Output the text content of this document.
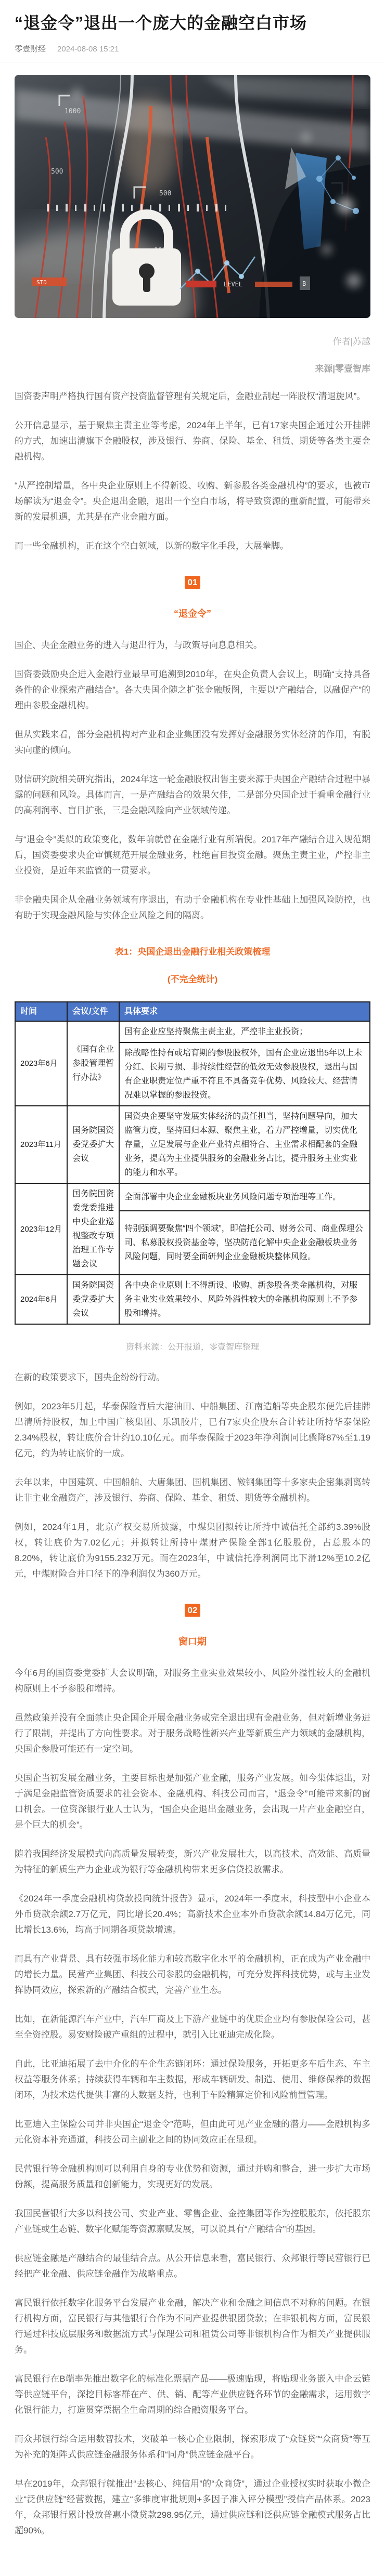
“退金令”退出一个庞大的金融空白市场
零壹财经 2024-08-08 15:21
1000
500
500
STD	LEVEL	B
作者|苏越
来源|零壹智库

国资委声明严格执行国有资产投资监督管理有关规定后，金融业刮起一阵股权“清退旋风”。

公开信息显示，基于聚焦主责主业等考虑，2024年上半年，已有17家央国企通过公开挂牌的方式，加速出清旗下金融股权，涉及银行、券商、保险、基金、租赁、期货等各类主要金融机构。

“从严控制增量，各中央企业原则上不得新设、收购、新参股各类金融机构”的要求，也被市场解读为“退金令”。央企退出金融，退出一个空白市场，将导致资源的重新配置，可能带来新的发展机遇，尤其是在产业金融方面。

而一些金融机构，正在这个空白领域，以新的数字化手段，大展拳脚。

01
“退金令”

国企、央企金融业务的进入与退出行为，与政策导向息息相关。

国资委鼓励央企进入金融行业最早可追溯到2010年，在央企负责人会议上，明确“支持具备条件的企业探索产融结合”。各大央国企随之扩张金融版图，主要以“产融结合，以融促产”的理由参股金融机构。

但从实践来看，部分金融机构对产业和企业集团没有发挥好金融服务实体经济的作用，有脱实向虚的倾向。

财信研究院相关研究指出，2024年这一轮金融股权出售主要来源于央国企产融结合过程中暴露的问题和风险。具体而言，一是产融结合的效果欠佳，二是部分央国企过于看重金融行业的高利润率、盲目扩张，三是金融风险向产业领域传递。

与“退金令”类似的政策变化，数年前就曾在金融行业有所端倪。2017年产融结合进入规范期后，国资委要求央企审慎规范开展金融业务，杜绝盲目投资金融。聚焦主责主业，严控非主业投资，是近年来监管的一贯要求。

非金融央国企从金融业务领域有序退出，有助于金融机构在专业性基础上加强风险防控，也有助于实现金融风险与实体企业风险之间的隔离。

表1：央国企退出金融行业相关政策梳理
(不完全统计)
时间	会议/文件	具体要求
2023年6月	《国有企业参股管理暂行办法》	国有企业应坚持聚焦主责主业，严控非主业投资；
		除战略性持有或培育期的参股股权外，国有企业应退出5年以上未分红、长期亏损、非持续性经营的低效无效参股股权，退出与国有企业职责定位严重不符且不具备竞争优势、风险较大、经营情况难以掌握的参股投资。
2023年11月	国务院国资委党委扩大会议	国资央企要坚守发展实体经济的责任担当，坚持问题导向，加大监管力度，坚持回归本源、聚焦主业，着力严控增量，切实优化存量，立足发展与企业产业特点相符合、主业需求相配套的金融业务，提高为主业提供服务的金融业务占比，提升服务主业实业的能力和水平。
2023年12月	国务院国资委党委推进中央企业巡视整改专项治理工作专题会议	全面部署中央企业金融板块业务风险问题专项治理等工作。
		特别强调要聚焦“四个领域”，即信托公司、财务公司、商业保理公司、私募股权投资基金等，坚决防范化解中央企业金融板块业务风险问题，同时要全面研判企业金融板块整体风险。
2024年6月	国务院国资委党委扩大会议	各中央企业原则上不得新设、收购、新参股各类金融机构，对服务主业实业效果较小、风险外溢性较大的金融机构原则上不予参股和增持。
资料来源：公开报道，零壹智库整理

在新的政策要求下，国央企纷纷行动。

例如，2023年5月起，华泰保险背后大港油田、中船集团、江南造船等央企股东便先后挂牌出清所持股权，加上中国广核集团、乐凯胶片，已有7家央企股东合计转让所持华泰保险2.34%股权，转让底价合计约10.10亿元。而华泰保险于2023年净利润同比骤降87%至1.19亿元，约为转让底价的一成。

去年以来，中国建筑、中国船舶、大唐集团、国机集团、鞍钢集团等十多家央企密集剥离转让非主业金融资产，涉及银行、券商、保险、基金、租赁、期货等金融机构。

例如，2024年1月，北京产权交易所披露，中煤集团拟转让所持中诚信托全部约3.39%股权，转让底价为7.02亿元；并拟转让所持中煤财产保险全部1亿股股份，占总股本的8.20%，转让底价为9155.232万元。而在2023年，中诚信托净利润同比下滑12%至10.2亿元，中煤财险合并口径下的净利润仅为360万元。

02
窗口期

今年6月的国资委党委扩大会议明确，对服务主业实业效果较小、风险外溢性较大的金融机构原则上不予参股和增持。

虽然政策并没有全面禁止央企国企开展金融业务或完全退出现有金融业务，但对新增业务进行了限制，并提出了方向性要求。对于服务战略性新兴产业等新质生产力领域的金融机构，央国企参股可能还有一定空间。

央国企当初发展金融业务，主要目标也是加强产业金融，服务产业发展。如今集体退出，对于满足金融监管资质要求的社会资本、金融机构、科技公司而言，“退金令”可能带来新的窗口机会。一位资深银行业人士认为，“国企央企退出金融业务，会出现一片产业金融空白，是个巨大的机会”。

随着我国经济发展模式向高质量发展转变，新兴产业发展壮大，以高技术、高效能、高质量为特征的新质生产力企业或为银行等金融机构带来更多信贷投放需求。

《2024年一季度金融机构贷款投向统计报告》显示，2024年一季度末，科技型中小企业本外币贷款余额2.7万亿元，同比增长20.4%；高新技术企业本外币贷款余额14.84万亿元，同比增长13.6%，均高于同期各项贷款增速。

而具有产业背景、具有较强市场化能力和较高数字化水平的金融机构，正在成为产业金融中的增长力量。民营产业集团、科技公司参股的金融机构，可充分发挥科技优势，或与主业发挥协同效应，探索新的产融结合模式，完善产业生态。

比如，在新能源汽车产业中，汽车厂商及上下游产业链中的优质企业均有参股保险公司，甚至全资控股。易安财险破产重组的过程中，就引入比亚迪完成化险。

自此，比亚迪拓展了去中介化的车企生态链闭环：通过保险服务，开拓更多车后生态、车主权益等服务体系；持续获得车辆和车主数据，形成车辆研发、制造、使用、维修保养的数据闭环，为技术迭代提供丰富的大数据支持，也利于车险精算定价和风险前置管理。

比亚迪入主保险公司并非央国企“退金令”范畴，但由此可见产业金融的潜力——金融机构多元化资本补充通道，科技公司主副业之间的协同效应正在显现。

民营银行等金融机构则可以利用自身的专业优势和资源，通过并购和整合，进一步扩大市场份额，提高服务质量和创新能力，实现更好的发展。

我国民营银行大多以科技公司、实业产业、零售企业、金控集团等作为控股股东，依托股东产业链或生态链、数字化赋能等资源禀赋发展，可以说具有“产融结合”的基因。

供应链金融是产融结合的最佳结合点。从公开信息来看，富民银行、众邦银行等民营银行已经把产业金融、供应链金融作为战略重点。

富民银行依托数字化服务平台发展产业金融，解决产业和金融之间信息不对称的问题。在银行机构方面，富民银行与其他银行合作为不同产业提供银团贷款；在非银机构方面，富民银行通过科技底层服务和数据流方式与保理公司和租赁公司等非银机构合作为相关产业提供服务。

富民银行在B端率先推出数字化的标准化票据产品——极速贴现，将贴现业务嵌入中企云链等供应链平台，深挖目标客群在产、供、销、配等产业供应链各环节的金融需求，运用数字化银行能力，打造贯穿票据全生命周期的综合融资服务平台。

而众邦银行综合运用数智技术，突破单一核心企业限制，探索形成了“众链贷”“众商贷”等互为补充的矩阵式供应链金融服务体系和“同舟”供应链金融平台。

早在2019年，众邦银行就推出“去核心、纯信用”的“众商贷”，通过企业授权实时获取小微企业“泛供应链”经营数据，建立“多维度审批规则+多因子准入评分模型”授信产品体系。2023年，众邦银行累计投放普惠小微贷款298.95亿元，通过供应链和泛供应链金融模式服务占比超90%。
